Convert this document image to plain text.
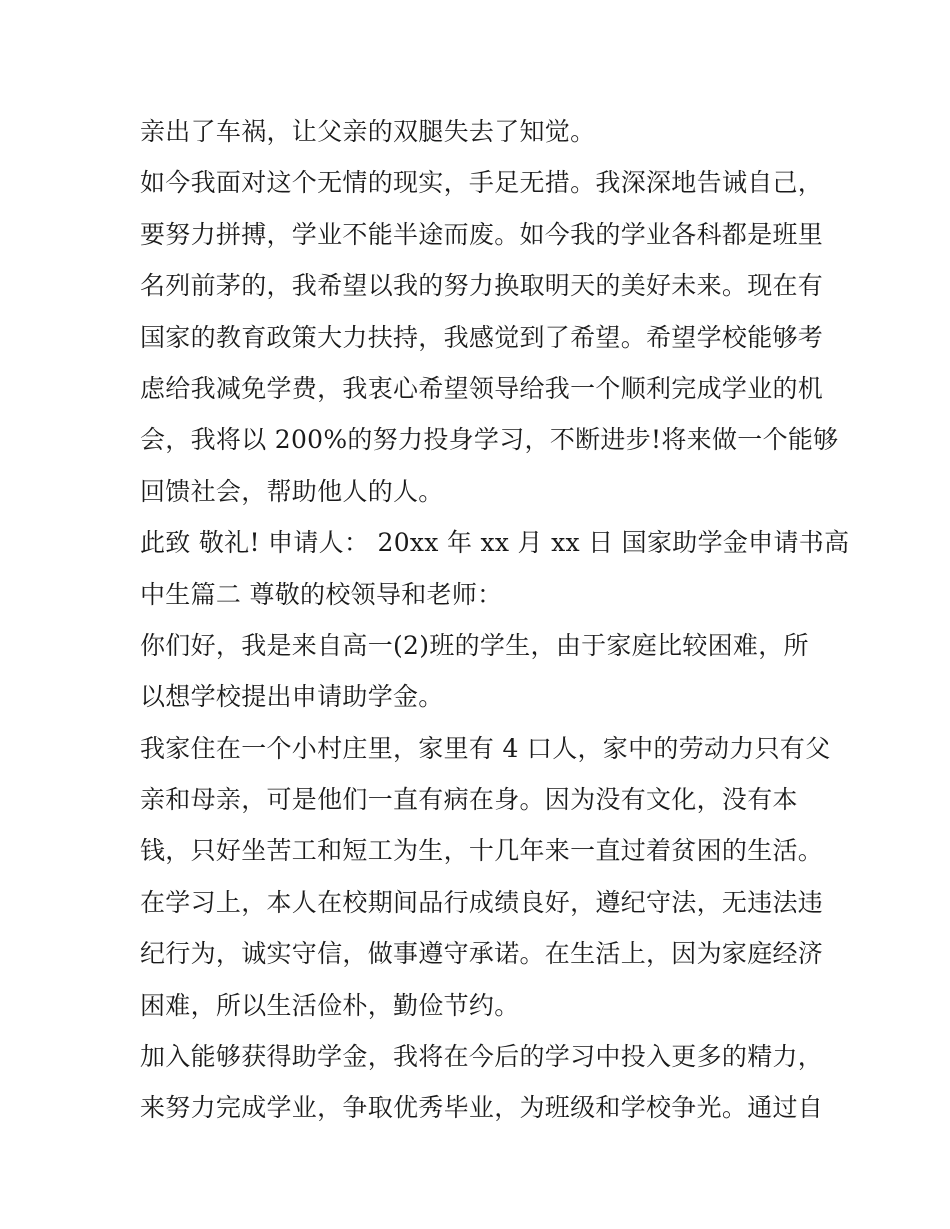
亲出了车祸，让父亲的双腿失去了知觉。
如今我面对这个无情的现实，手足无措。我深深地告诫自己，
要努力拼搏，学业不能半途而废。如今我的学业各科都是班里
名列前茅的，我希望以我的努力换取明天的美好未来。现在有
国家的教育政策大力扶持，我感觉到了希望。希望学校能够考
虑给我减免学费，我衷心希望领导给我一个顺利完成学业的机
会，我将以 200%的努力投身学习，不断进步!将来做一个能够
回馈社会，帮助他人的人。
此致 敬礼! 申请人： 20xx 年 xx 月 xx 日 国家助学金申请书高
中生篇二 尊敬的校领导和老师：
你们好，我是来自高一(2)班的学生，由于家庭比较困难，所
以想学校提出申请助学金。
我家住在一个小村庄里，家里有 4 口人，家中的劳动力只有父
亲和母亲，可是他们一直有病在身。因为没有文化，没有本
钱，只好坐苦工和短工为生，十几年来一直过着贫困的生活。
在学习上，本人在校期间品行成绩良好，遵纪守法，无违法违
纪行为，诚实守信，做事遵守承诺。在生活上，因为家庭经济
困难，所以生活俭朴，勤俭节约。
加入能够获得助学金，我将在今后的学习中投入更多的精力，
来努力完成学业，争取优秀毕业，为班级和学校争光。通过自
